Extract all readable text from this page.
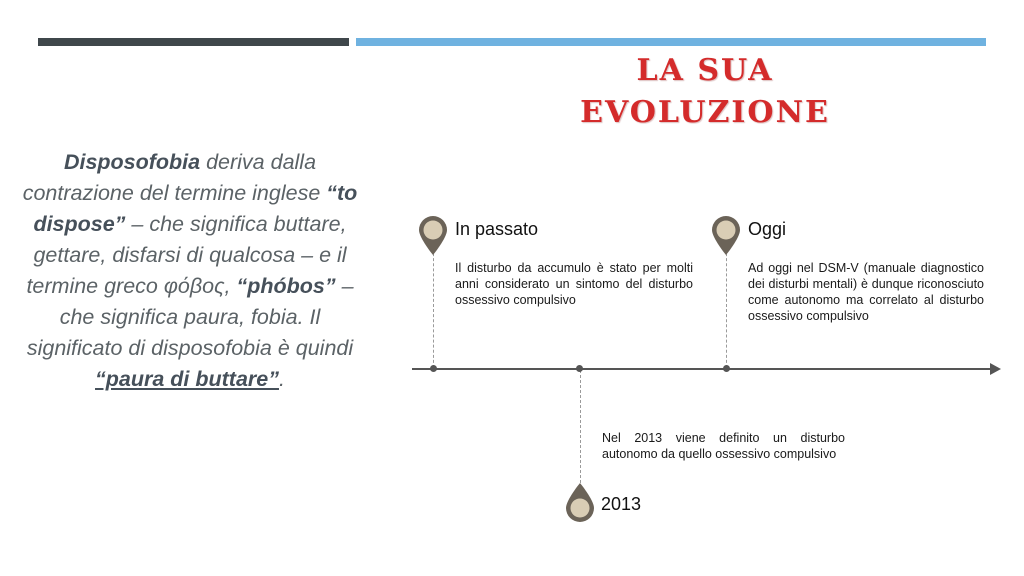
LA SUA
EVOLUZIONE
Disposofobia deriva dalla contrazione del termine inglese “to dispose” – che significa buttare, gettare, disfarsi di qualcosa – e il termine greco φόβος, “phóbos” – che significa paura, fobia. Il significato di disposofobia è quindi “paura di buttare”.
In passato
Il disturbo da accumulo è stato per molti anni considerato un sintomo del disturbo ossessivo compulsivo
Oggi
Ad oggi nel DSM-V (manuale diagnostico dei disturbi mentali) è dunque riconosciuto come autonomo ma correlato al disturbo ossessivo compulsivo
Nel 2013 viene definito un disturbo autonomo da quello ossessivo compulsivo
2013
